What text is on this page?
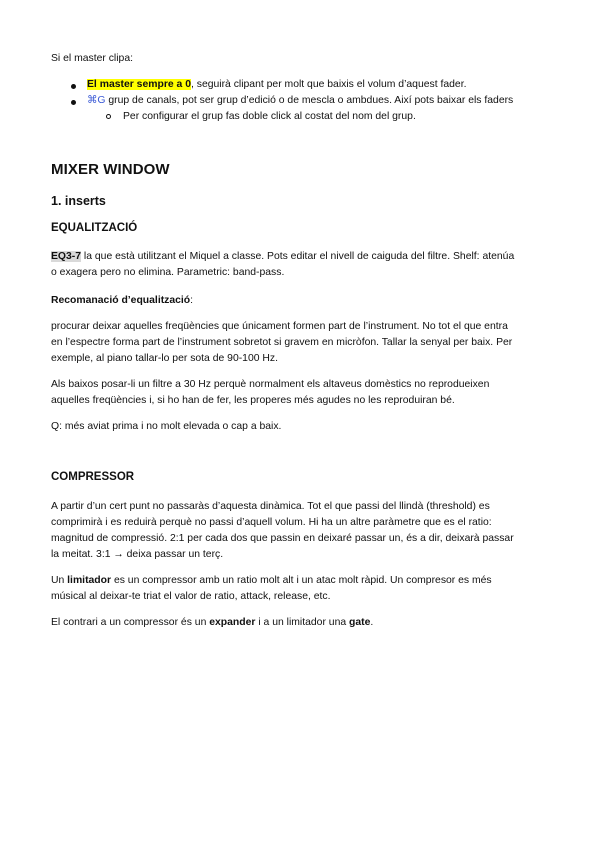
Si el master clipa:

El master sempre a 0, seguirà clipant per molt que baixis el volum d’aquest fader.

⌘G grup de canals, pot ser grup d’edició o de mescla o ambdues. Així pots baixar els faders

Per configurar el grup fas doble click al costat del nom del grup.

MIXER WINDOW
1. inserts
EQUALITZACIÓ

EQ3-7 la que està utilitzant el Miquel a classe. Pots editar el nivell de caiguda del filtre. Shelf: atenúa

o exagera pero no elimina. Parametric: band-pass.

Recomanació d’equalització:

procurar deixar aquelles freqüències que únicament formen part de l’instrument. No tot el que entra

en l’espectre forma part de l’instrument sobretot si gravem en micròfon. Tallar la senyal per baix. Per

exemple, al piano tallar-lo per sota de 90-100 Hz.

Als baixos posar-li un filtre a 30 Hz perquè normalment els altaveus domèstics no reprodueixen

aquelles freqüències i, si ho han de fer, les properes més agudes no les reproduiran bé.

Q: més aviat prima i no molt elevada o cap a baix.

COMPRESSOR

A partir d’un cert punt no passaràs d’aquesta dinàmica. Tot el que passi del llindà (threshold) es

comprimirà i es reduirà perquè no passi d’aquell volum. Hi ha un altre paràmetre que es el ratio:

magnitud de compressió. 2:1 per cada dos que passin en deixaré passar un, és a dir, deixarà passar

la meitat. 3:1 → deixa passar un terç.

Un limitador es un compressor amb un ratio molt alt i un atac molt ràpid. Un compresor es més

músical al deixar-te triat el valor de ratio, attack, release, etc.

El contrari a un compressor és un expander i a un limitador una gate.
